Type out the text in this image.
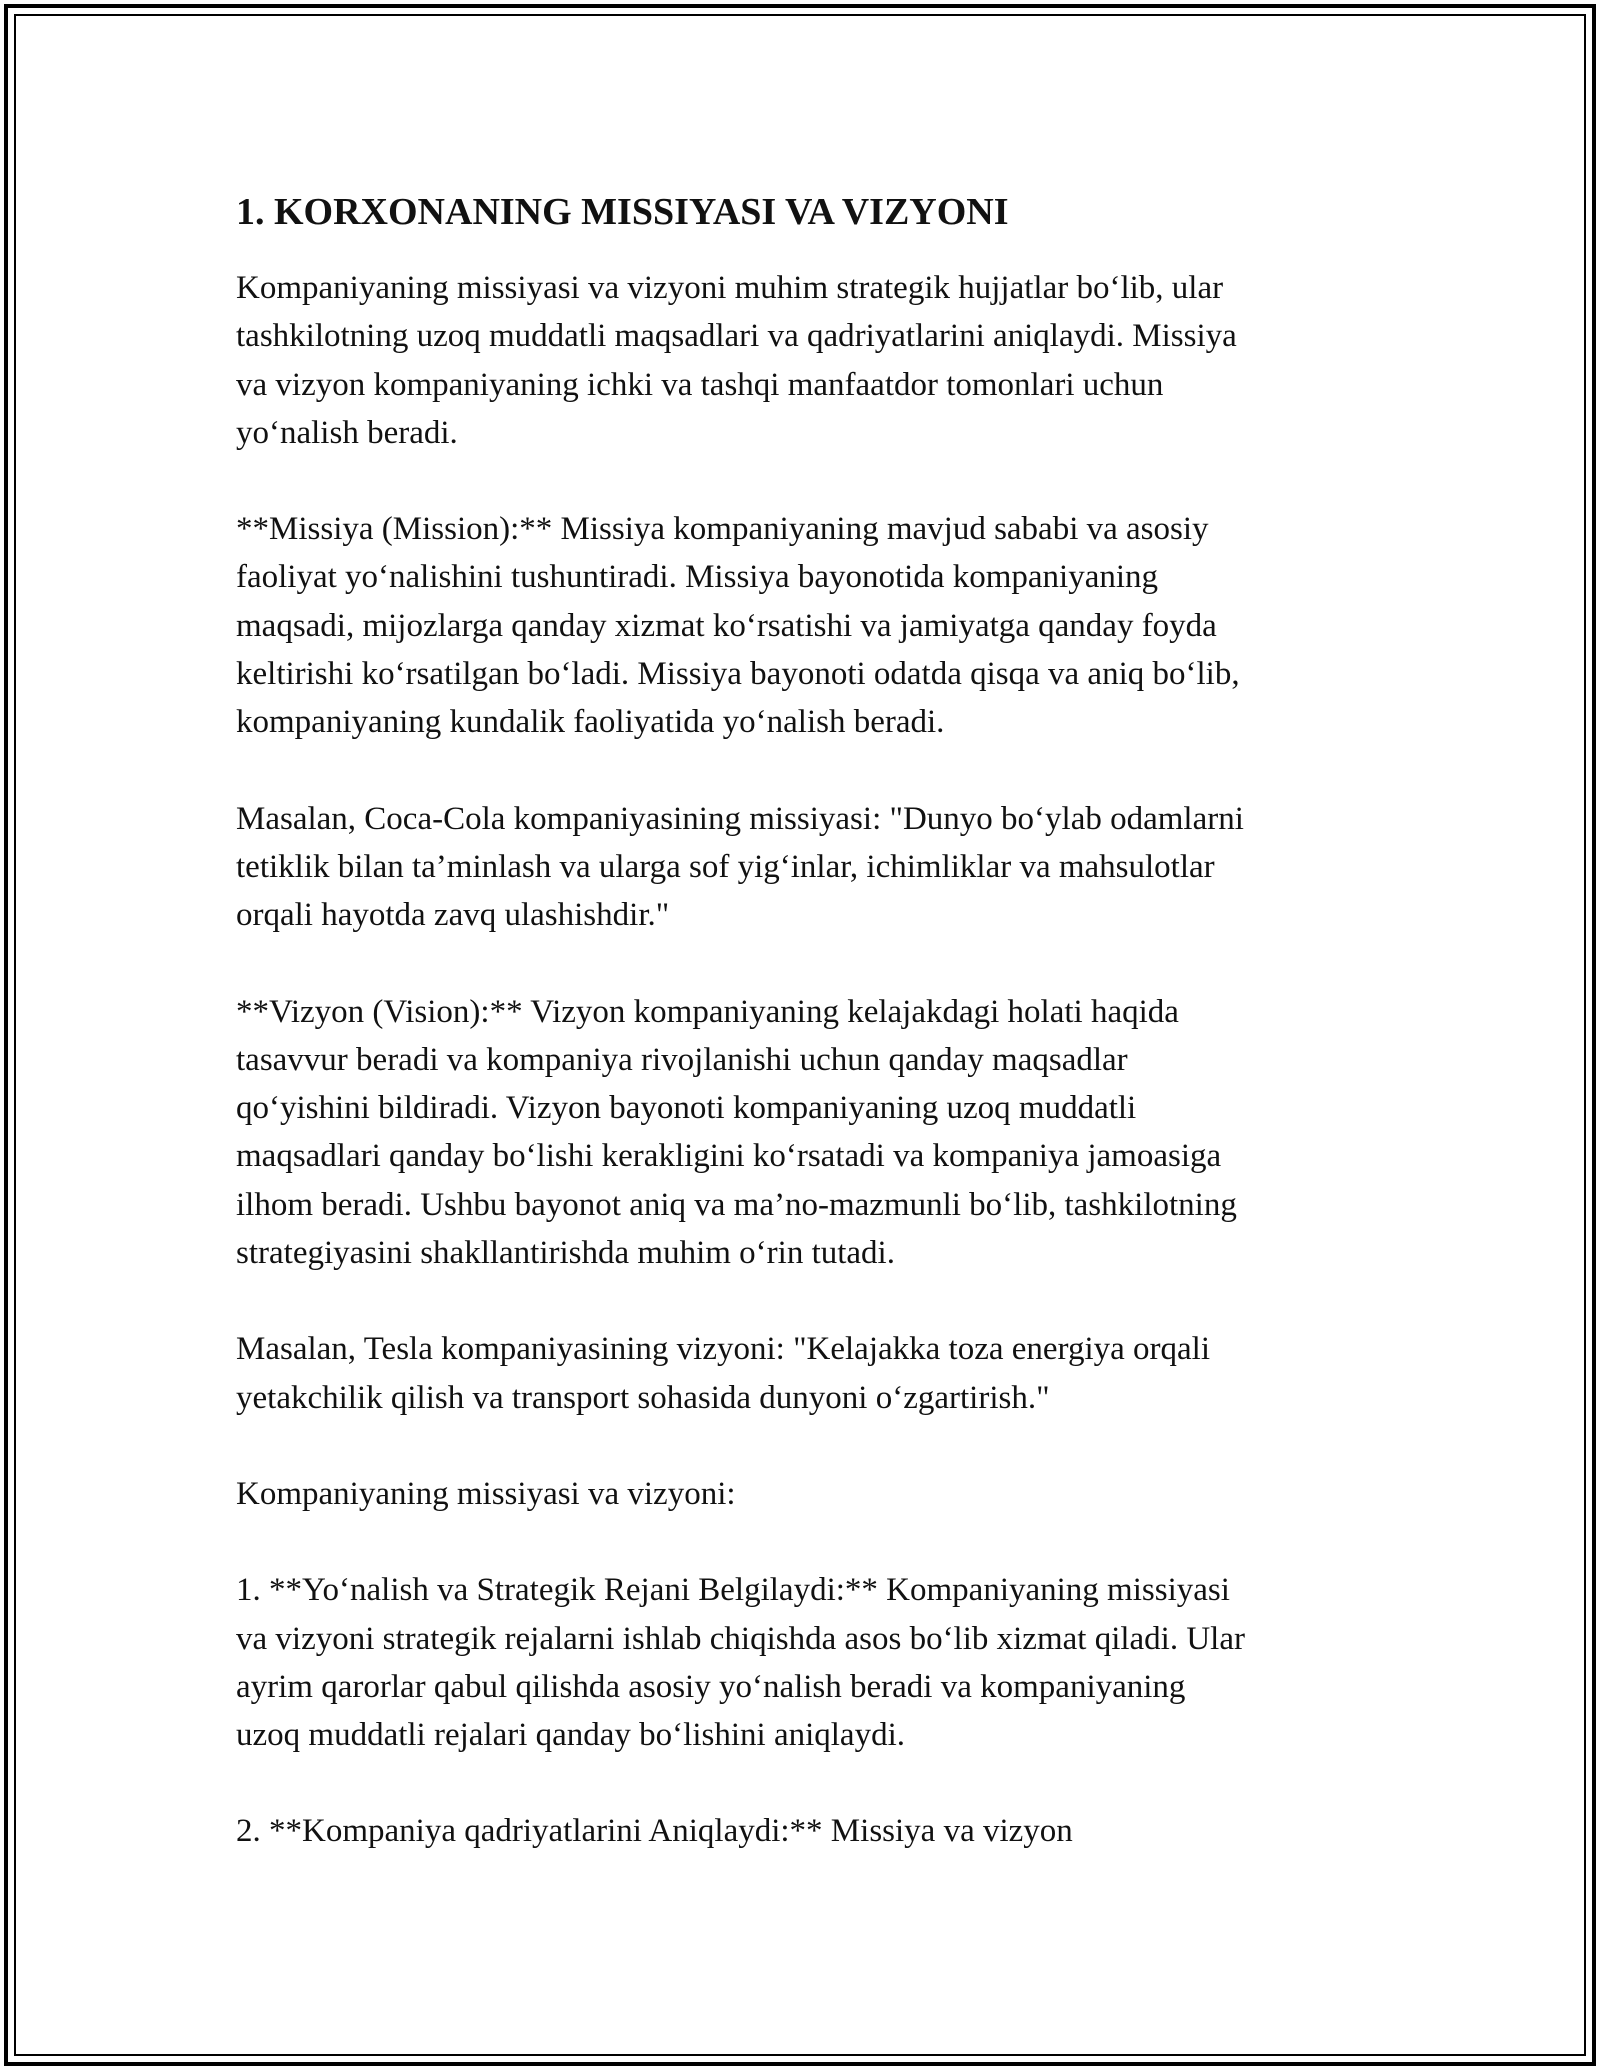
1. KORXONANING MISSIYASI VA VIZYONI
Kompaniyaning missiyasi va vizyoni muhim strategik hujjatlar bo‘lib, ular
tashkilotning uzoq muddatli maqsadlari va qadriyatlarini aniqlaydi. Missiya
va vizyon kompaniyaning ichki va tashqi manfaatdor tomonlari uchun
yo‘nalish beradi.
**Missiya (Mission):** Missiya kompaniyaning mavjud sababi va asosiy
faoliyat yo‘nalishini tushuntiradi. Missiya bayonotida kompaniyaning
maqsadi, mijozlarga qanday xizmat ko‘rsatishi va jamiyatga qanday foyda
keltirishi ko‘rsatilgan bo‘ladi. Missiya bayonoti odatda qisqa va aniq bo‘lib,
kompaniyaning kundalik faoliyatida yo‘nalish beradi.
Masalan, Coca-Cola kompaniyasining missiyasi: "Dunyo bo‘ylab odamlarni
tetiklik bilan ta’minlash va ularga sof yig‘inlar, ichimliklar va mahsulotlar
orqali hayotda zavq ulashishdir."
**Vizyon (Vision):** Vizyon kompaniyaning kelajakdagi holati haqida
tasavvur beradi va kompaniya rivojlanishi uchun qanday maqsadlar
qo‘yishini bildiradi. Vizyon bayonoti kompaniyaning uzoq muddatli
maqsadlari qanday bo‘lishi kerakligini ko‘rsatadi va kompaniya jamoasiga
ilhom beradi. Ushbu bayonot aniq va ma’no-mazmunli bo‘lib, tashkilotning
strategiyasini shakllantirishda muhim o‘rin tutadi.
Masalan, Tesla kompaniyasining vizyoni: "Kelajakka toza energiya orqali
yetakchilik qilish va transport sohasida dunyoni o‘zgartirish."
Kompaniyaning missiyasi va vizyoni:
1. **Yo‘nalish va Strategik Rejani Belgilaydi:** Kompaniyaning missiyasi
va vizyoni strategik rejalarni ishlab chiqishda asos bo‘lib xizmat qiladi. Ular
ayrim qarorlar qabul qilishda asosiy yo‘nalish beradi va kompaniyaning
uzoq muddatli rejalari qanday bo‘lishini aniqlaydi.
2. **Kompaniya qadriyatlarini Aniqlaydi:** Missiya va vizyon
